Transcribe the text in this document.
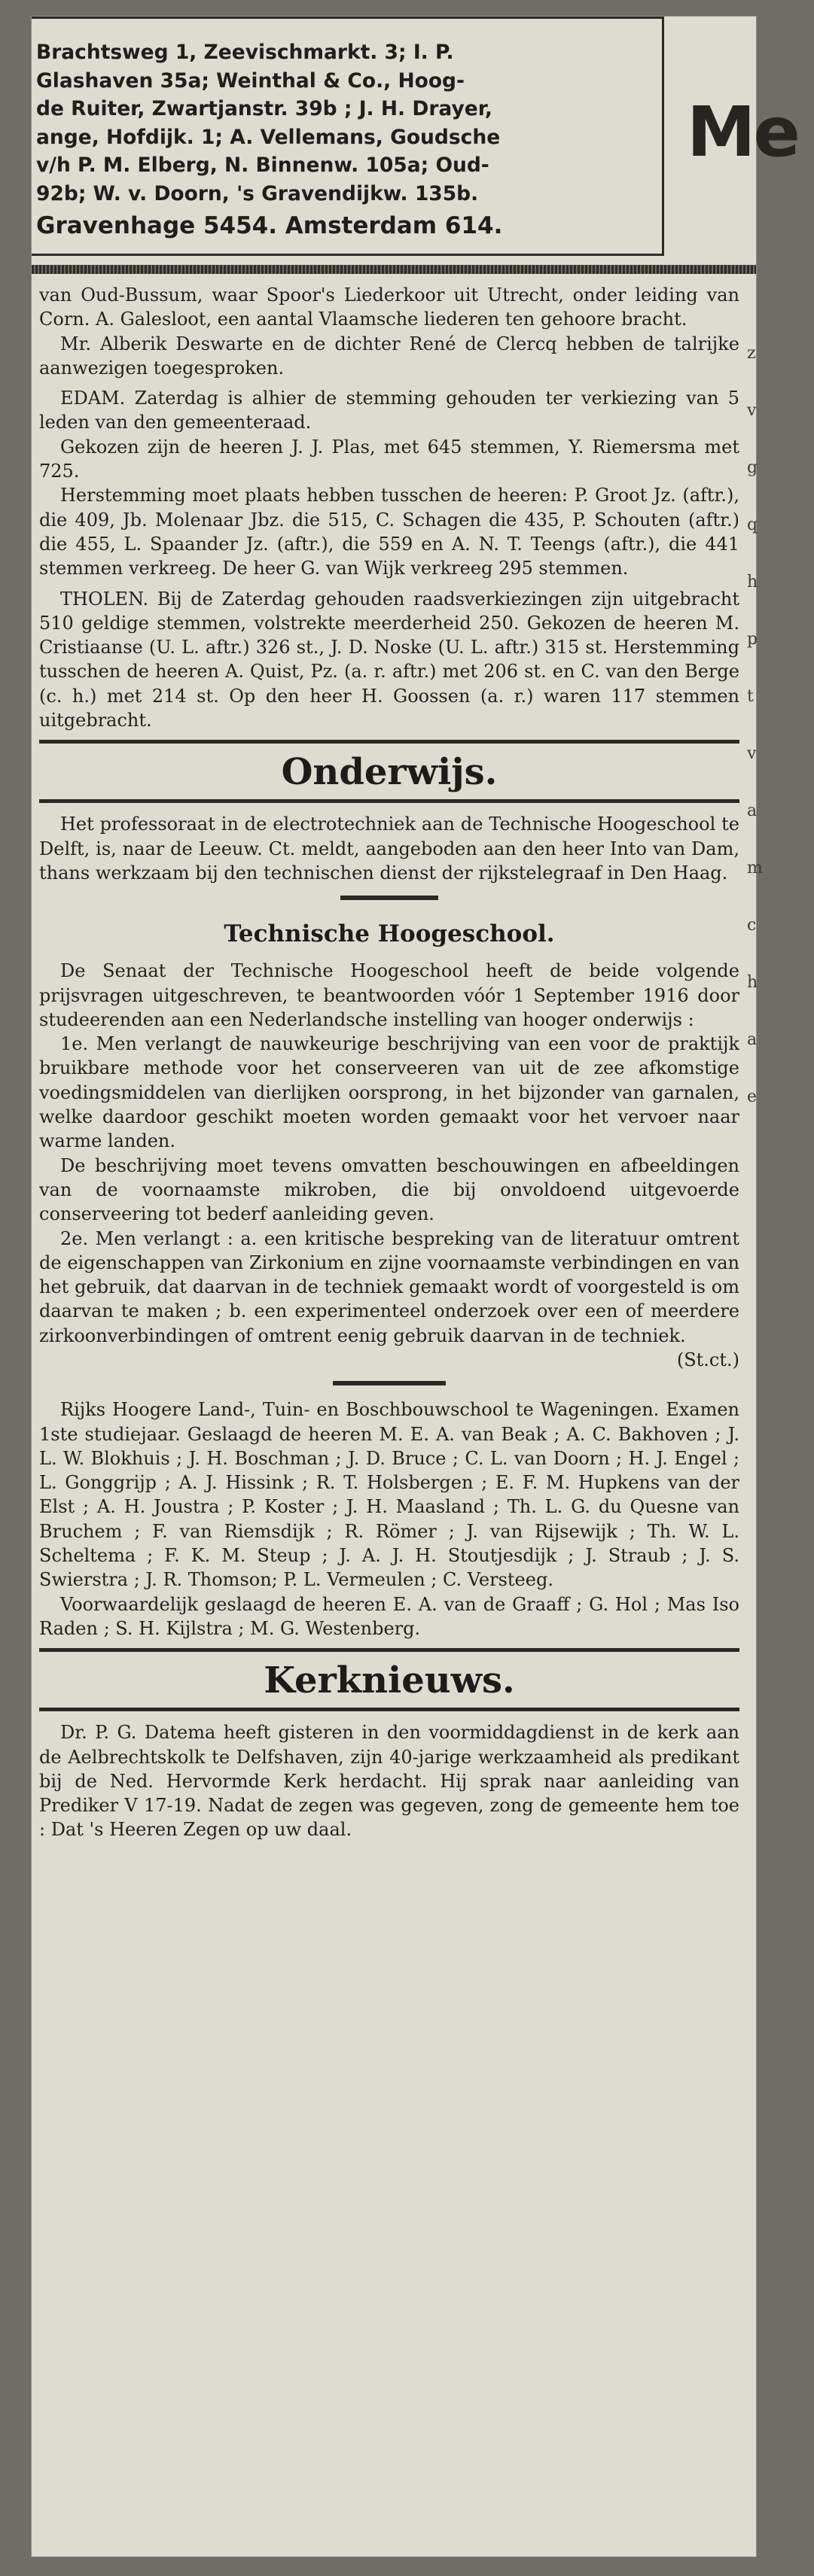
Brachtsweg 1, Zeevischmarkt. 3; I. P.
Glashaven 35a; Weinthal & Co., Hoog-
de Ruiter, Zwartjanstr. 39b ; J. H. Drayer,
ange, Hofdijk. 1; A. Vellemans, Goudsche
v/h P. M. Elberg, N. Binnenw. 105a; Oud-
92b; W. v. Doorn, 's Gravendijkw. 135b.
Gravenhage 5454. Amsterdam 614.
Me
z
v
g
q
h
p
t
v
a
m
c
h
a
e

van Oud-Bussum, waar Spoor's Liederkoor uit Utrecht, onder leiding van Corn. A. Galesloot, een aantal Vlaamsche liederen ten gehoore bracht.

Mr. Alberik Deswarte en de dichter René de Clercq hebben de talrijke aanwezigen toegesproken.

EDAM. Zaterdag is alhier de stemming gehouden ter verkiezing van 5 leden van den gemeenteraad.

Gekozen zijn de heeren J. J. Plas, met 645 stemmen, Y. Riemersma met 725.

Herstemming moet plaats hebben tusschen de heeren: P. Groot Jz. (aftr.), die 409, Jb. Molenaar Jbz. die 515, C. Schagen die 435, P. Schouten (aftr.) die 455, L. Spaander Jz. (aftr.), die 559 en A. N. T. Teengs (aftr.), die 441 stemmen verkreeg. De heer G. van Wijk verkreeg 295 stemmen.

THOLEN. Bij de Zaterdag gehouden raadsverkiezingen zijn uitgebracht 510 geldige stemmen, volstrekte meerderheid 250. Gekozen de heeren M. Cristiaanse (U. L. aftr.) 326 st., J. D. Noske (U. L. aftr.) 315 st. Herstemming tusschen de heeren A. Quist, Pz. (a. r. aftr.) met 206 st. en C. van den Berge (c. h.) met 214 st. Op den heer H. Goossen (a. r.) waren 117 stemmen uitgebracht.

Onderwijs.

Het professoraat in de electrotechniek aan de Technische Hoogeschool te Delft, is, naar de Leeuw. Ct. meldt, aangeboden aan den heer Into van Dam, thans werkzaam bij den technischen dienst der rijkstelegraaf in Den Haag.

Technische Hoogeschool.

De Senaat der Technische Hoogeschool heeft de beide volgende prijsvragen uitgeschreven, te beantwoorden vóór 1 September 1916 door studeerenden aan een Nederlandsche instelling van hooger onderwijs :

1e. Men verlangt de nauwkeurige beschrijving van een voor de praktijk bruikbare methode voor het conserveeren van uit de zee afkomstige voedingsmiddelen van dierlijken oorsprong, in het bijzonder van garnalen, welke daardoor geschikt moeten worden gemaakt voor het vervoer naar warme landen.

De beschrijving moet tevens omvatten beschouwingen en afbeeldingen van de voornaamste mikroben, die bij onvoldoend uitgevoerde conserveering tot bederf aanleiding geven.

2e. Men verlangt : a. een kritische bespreking van de literatuur omtrent de eigenschappen van Zirkonium en zijne voornaamste verbindingen en van het gebruik, dat daarvan in de techniek gemaakt wordt of voorgesteld is om daarvan te maken ; b. een experimenteel onderzoek over een of meerdere zirkoonverbindingen of omtrent eenig gebruik daarvan in de techniek.

(St.ct.)

Rijks Hoogere Land-, Tuin- en Boschbouwschool te Wageningen. Examen 1ste studiejaar. Geslaagd de heeren M. E. A. van Beak ; A. C. Bakhoven ; J. L. W. Blokhuis ; J. H. Boschman ; J. D. Bruce ; C. L. van Doorn ; H. J. Engel ; L. Gonggrijp ; A. J. Hissink ; R. T. Holsbergen ; E. F. M. Hupkens van der Elst ; A. H. Joustra ; P. Koster ; J. H. Maasland ; Th. L. G. du Quesne van Bruchem ; F. van Riemsdijk ; R. Römer ; J. van Rijsewijk ; Th. W. L. Scheltema ; F. K. M. Steup ; J. A. J. H. Stoutjesdijk ; J. Straub ; J. S. Swierstra ; J. R. Thomson; P. L. Vermeulen ; C. Versteeg.

Voorwaardelijk geslaagd de heeren E. A. van de Graaff ; G. Hol ; Mas Iso Raden ; S. H. Kijlstra ; M. G. Westenberg.

Kerknieuws.

Dr. P. G. Datema heeft gisteren in den voormiddagdienst in de kerk aan de Aelbrechtskolk te Delfshaven, zijn 40-jarige werkzaamheid als predikant bij de Ned. Hervormde Kerk herdacht. Hij sprak naar aanleiding van Prediker V 17-19. Nadat de zegen was gegeven, zong de gemeente hem toe : Dat 's Heeren Zegen op uw daal.
